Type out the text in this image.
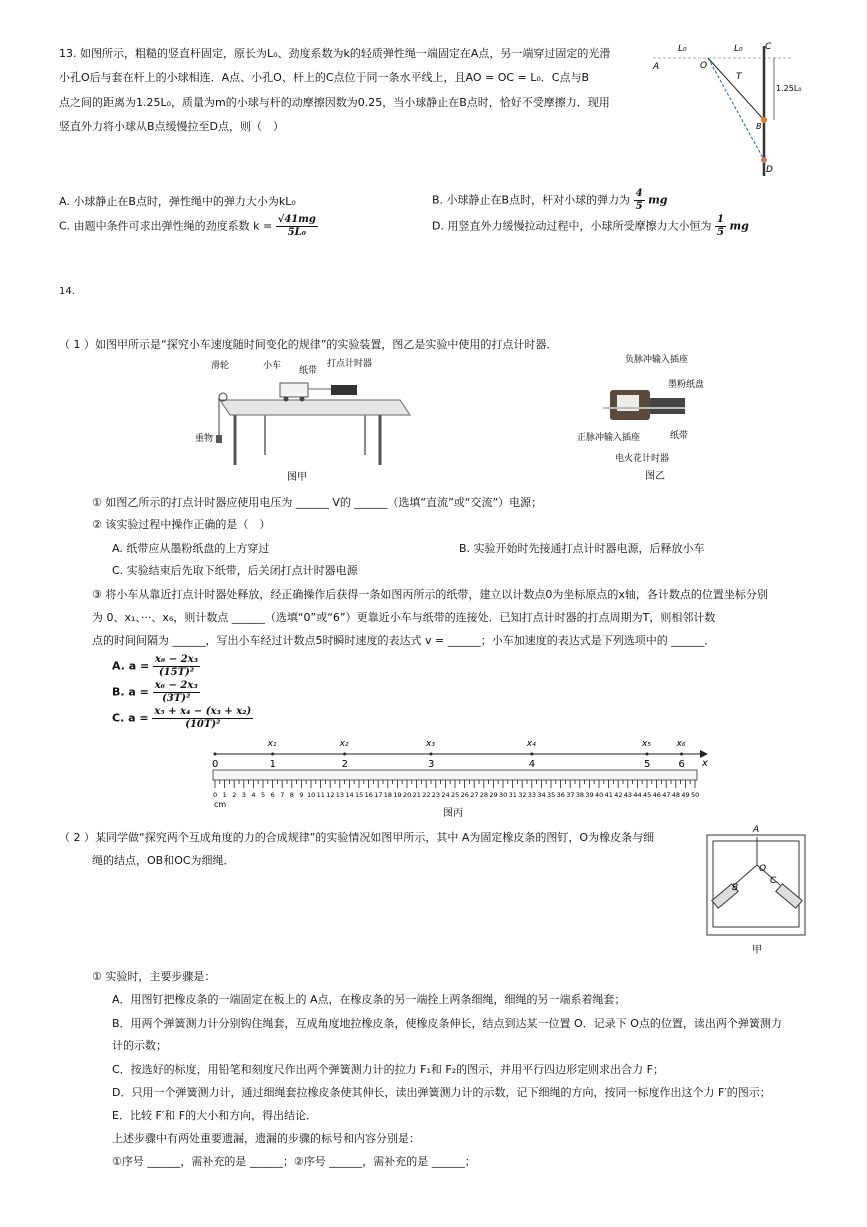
13. 如图所示，粗糙的竖直杆固定，原长为L₀、劲度系数为k的轻质弹性绳一端固定在A点，另一端穿过固定的光滑
小孔O后与套在杆上的小球相连．A点、小孔O、杆上的C点位于同一条水平线上，且AO = OC = L₀．C点与B
点之间的距离为1.25L₀，质量为m的小球与杆的动摩擦因数为0.25，当小球静止在B点时，恰好不受摩擦力．现用
竖直外力将小球从B点缓慢拉至D点，则（　）
A
L₀	L₀
O
C
T
B
D
1.25L₀
A. 小球静止在B点时，弹性绳中的弹力大小为kL₀	B. 小球静止在B点时，杆对小球的弹力为 $\frac{4}{5}$ mg
C. 由题中条件可求出弹性绳的劲度系数 $k = \frac{√41mg}{\text{5L₀}}$	D. 用竖直外力缓慢拉动过程中，小球所受摩擦力大小恒为 $\frac{1}{5}$ mg
14.
（ 1 ）如图甲所示是“探究小车速度随时间变化的规律”的实验装置，图乙是实验中使用的打点计时器．
滑轮	小车 纸带
打点计时器
重物
图甲
负脉冲输入插座
墨粉纸盘
正脉冲输入插座	纸带
电火花计时器
图乙
① 如图乙所示的打点计时器应使用电压为 ______ V的 ______（选填“直流”或“交流”）电源；
② 该实验过程中操作正确的是（　）
A. 纸带应从墨粉纸盘的上方穿过	B. 实验开始时先接通打点计时器电源，后释放小车
C. 实验结束后先取下纸带，后关闭打点计时器电源
③ 将小车从靠近打点计时器处释放，经正确操作后获得一条如图丙所示的纸带，建立以计数点0为坐标原点的x轴，各计数点的位置坐标分别
为 0、x₁、···、x₆，则计数点 ______（选填“0”或“6”）更靠近小车与纸带的连接处．已知打点计时器的打点周期为T，则相邻计数
点的时间间隔为 ______，写出小车经过计数点5时瞬时速度的表达式 v = ______；小车加速度的表达式是下列选项中的 ______．
A. $a = \frac{\text{x₆ − 2x₃}}{\text{(15T)²}}$
B. $a = \frac{\text{x₆ − 2x₃}}{\text{(3T)²}}$
C. $a = \frac{\text{x₅ + x₄ − (x₃ + x₂)}}{\text{(10T)²}}$
x₁	x₂	x₃	x₄	x₅	x₆
x
0	1	2	3	4	5	6
0 1 2 3 4 5 6 7 8 9 10 11 12 13 14 15 16 17 18 19 20 21 22 23 24 25 26 27 28 29 30 31 32 33 34 35 36 37 38 39 40 41 42 43 44 45 46 47 48 49 50
cm
图丙
（ 2 ）某同学做“探究两个互成角度的力的合成规律”的实验情况如图甲所示，其中 A为固定橡皮条的图钉，O为橡皮条与细
绳的结点，OB和OC为细绳．
A
O
B
C
甲
① 实验时，主要步骤是：
A．用图钉把橡皮条的一端固定在板上的 A点，在橡皮条的另一端拴上两条细绳，细绳的另一端系着绳套；
B．用两个弹簧测力计分别钩住绳套，互成角度地拉橡皮条，使橡皮条伸长，结点到达某一位置 O．记录下 O点的位置，读出两个弹簧测力
计的示数；
C．按选好的标度，用铅笔和刻度尺作出两个弹簧测力计的拉力 F₁和 F₂的图示，并用平行四边形定则求出合力 F；
D．只用一个弹簧测力计，通过细绳套拉橡皮条使其伸长，读出弹簧测力计的示数，记下细绳的方向，按同一标度作出这个力 F′的图示；
E．比较 F′和 F的大小和方向，得出结论．
上述步骤中有两处重要遗漏，遗漏的步骤的标号和内容分别是：
①序号 ______，需补充的是 ______；②序号 ______，需补充的是 ______；
